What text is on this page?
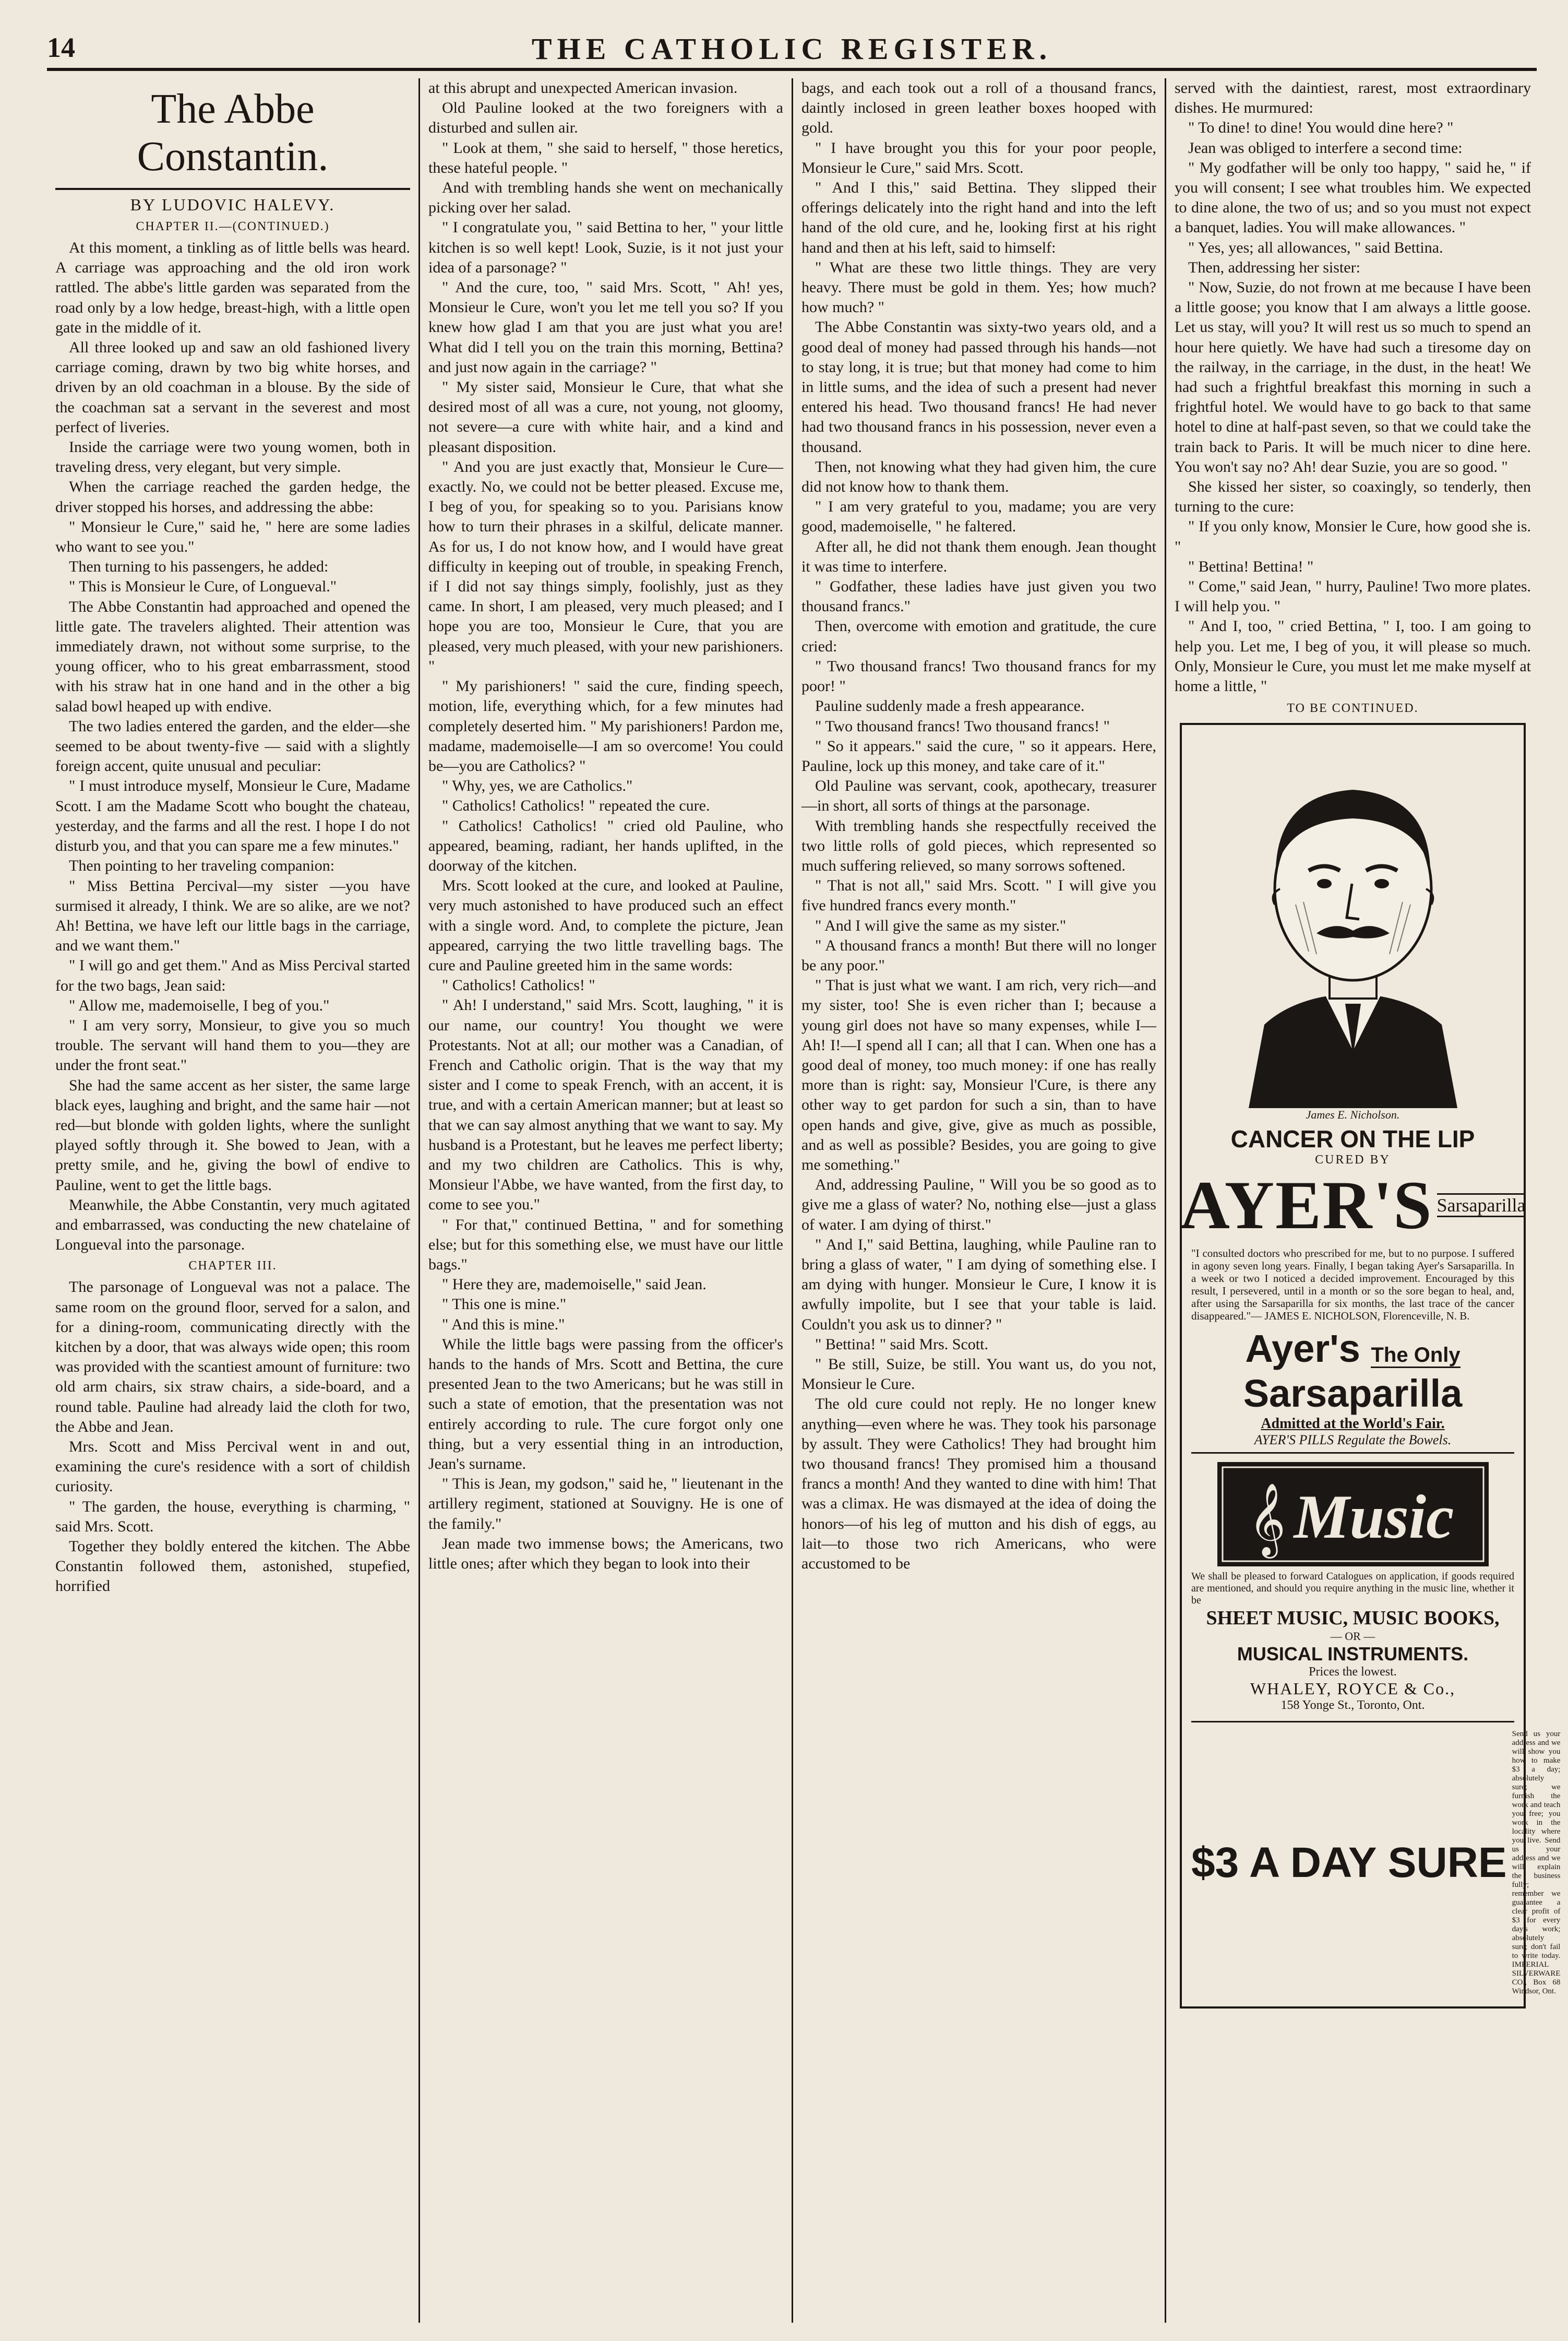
14	THE CATHOLIC REGISTER.
The Abbe Constantin.
BY LUDOVIC HALEVY.
CHAPTER II.—(CONTINUED.)

At this moment, a tinkling as of little bells was heard. A carriage was approaching and the old iron work rattled. The abbe's little garden was separated from the road only by a low hedge, breast-high, with a little open gate in the middle of it.

All three looked up and saw an old fashioned livery carriage coming, drawn by two big white horses, and driven by an old coachman in a blouse. By the side of the coachman sat a servant in the severest and most perfect of liveries.

Inside the carriage were two young women, both in traveling dress, very elegant, but very simple.

When the carriage reached the garden hedge, the driver stopped his horses, and addressing the abbe:

" Monsieur le Cure," said he, " here are some ladies who want to see you."

Then turning to his passengers, he added:

" This is Monsieur le Cure, of Longueval."

The Abbe Constantin had approached and opened the little gate. The travelers alighted. Their attention was immediately drawn, not without some surprise, to the young officer, who to his great embarrassment, stood with his straw hat in one hand and in the other a big salad bowl heaped up with endive.

The two ladies entered the garden, and the elder—she seemed to be about twenty-five — said with a slightly foreign accent, quite unusual and peculiar:

" I must introduce myself, Monsieur le Cure, Madame Scott. I am the Madame Scott who bought the chateau, yesterday, and the farms and all the rest. I hope I do not disturb you, and that you can spare me a few minutes."

Then pointing to her traveling companion:

" Miss Bettina Percival—my sister —you have surmised it already, I think. We are so alike, are we not? Ah! Bettina, we have left our little bags in the carriage, and we want them."

" I will go and get them." And as Miss Percival started for the two bags, Jean said:

" Allow me, mademoiselle, I beg of you."

" I am very sorry, Monsieur, to give you so much trouble. The servant will hand them to you—they are under the front seat."

She had the same accent as her sister, the same large black eyes, laughing and bright, and the same hair —not red—but blonde with golden lights, where the sunlight played softly through it. She bowed to Jean, with a pretty smile, and he, giving the bowl of endive to Pauline, went to get the little bags.

Meanwhile, the Abbe Constantin, very much agitated and embarrassed, was conducting the new chatelaine of Longueval into the parsonage.

CHAPTER III.

The parsonage of Longueval was not a palace. The same room on the ground floor, served for a salon, and for a dining-room, communicating directly with the kitchen by a door, that was always wide open; this room was provided with the scantiest amount of furniture: two old arm chairs, six straw chairs, a side-board, and a round table. Pauline had already laid the cloth for two, the Abbe and Jean.

Mrs. Scott and Miss Percival went in and out, examining the cure's residence with a sort of childish curiosity.

" The garden, the house, everything is charming, " said Mrs. Scott.

Together they boldly entered the kitchen. The Abbe Constantin followed them, astonished, stupefied, horrified

at this abrupt and unexpected American invasion.

Old Pauline looked at the two foreigners with a disturbed and sullen air.

" Look at them, " she said to herself, " those heretics, these hateful people. "

And with trembling hands she went on mechanically picking over her salad.

" I congratulate you, " said Bettina to her, " your little kitchen is so well kept! Look, Suzie, is it not just your idea of a parsonage? "

" And the cure, too, " said Mrs. Scott, " Ah! yes, Monsieur le Cure, won't you let me tell you so? If you knew how glad I am that you are just what you are! What did I tell you on the train this morning, Bettina? and just now again in the carriage? "

" My sister said, Monsieur le Cure, that what she desired most of all was a cure, not young, not gloomy, not severe—a cure with white hair, and a kind and pleasant disposition.

" And you are just exactly that, Monsieur le Cure—exactly. No, we could not be better pleased. Excuse me, I beg of you, for speaking so to you. Parisians know how to turn their phrases in a skilful, delicate manner. As for us, I do not know how, and I would have great difficulty in keeping out of trouble, in speaking French, if I did not say things simply, foolishly, just as they came. In short, I am pleased, very much pleased; and I hope you are too, Monsieur le Cure, that you are pleased, very much pleased, with your new parishioners. "

" My parishioners! " said the cure, finding speech, motion, life, everything which, for a few minutes had completely deserted him. " My parishioners! Pardon me, madame, mademoiselle—I am so overcome! You could be—you are Catholics? "

" Why, yes, we are Catholics."

" Catholics! Catholics! " repeated the cure.

" Catholics! Catholics! " cried old Pauline, who appeared, beaming, radiant, her hands uplifted, in the doorway of the kitchen.

Mrs. Scott looked at the cure, and looked at Pauline, very much astonished to have produced such an effect with a single word. And, to complete the picture, Jean appeared, carrying the two little travelling bags. The cure and Pauline greeted him in the same words:

" Catholics! Catholics! "

" Ah! I understand," said Mrs. Scott, laughing, " it is our name, our country! You thought we were Protestants. Not at all; our mother was a Canadian, of French and Catholic origin. That is the way that my sister and I come to speak French, with an accent, it is true, and with a certain American manner; but at least so that we can say almost anything that we want to say. My husband is a Protestant, but he leaves me perfect liberty; and my two children are Catholics. This is why, Monsieur l'Abbe, we have wanted, from the first day, to come to see you."

" For that," continued Bettina, " and for something else; but for this something else, we must have our little bags."

" Here they are, mademoiselle," said Jean.

" This one is mine."

" And this is mine."

While the little bags were passing from the officer's hands to the hands of Mrs. Scott and Bettina, the cure presented Jean to the two Americans; but he was still in such a state of emotion, that the presentation was not entirely according to rule. The cure forgot only one thing, but a very essential thing in an introduction, Jean's surname.

" This is Jean, my godson," said he, " lieutenant in the artillery regiment, stationed at Souvigny. He is one of the family."

Jean made two immense bows; the Americans, two little ones; after which they began to look into their

bags, and each took out a roll of a thousand francs, daintly inclosed in green leather boxes hooped with gold.

" I have brought you this for your poor people, Monsieur le Cure," said Mrs. Scott.

" And I this," said Bettina. They slipped their offerings delicately into the right hand and into the left hand of the old cure, and he, looking first at his right hand and then at his left, said to himself:

" What are these two little things. They are very heavy. There must be gold in them. Yes; how much? how much? "

The Abbe Constantin was sixty-two years old, and a good deal of money had passed through his hands—not to stay long, it is true; but that money had come to him in little sums, and the idea of such a present had never entered his head. Two thousand francs! He had never had two thousand francs in his possession, never even a thousand.

Then, not knowing what they had given him, the cure did not know how to thank them.

" I am very grateful to you, madame; you are very good, mademoiselle, " he faltered.

After all, he did not thank them enough. Jean thought it was time to interfere.

" Godfather, these ladies have just given you two thousand francs."

Then, overcome with emotion and gratitude, the cure cried:

" Two thousand francs! Two thousand francs for my poor! "

Pauline suddenly made a fresh appearance.

" Two thousand francs! Two thousand francs! "

" So it appears." said the cure, " so it appears. Here, Pauline, lock up this money, and take care of it."

Old Pauline was servant, cook, apothecary, treasurer—in short, all sorts of things at the parsonage.

With trembling hands she respectfully received the two little rolls of gold pieces, which represented so much suffering relieved, so many sorrows softened.

" That is not all," said Mrs. Scott. " I will give you five hundred francs every month."

" And I will give the same as my sister."

" A thousand francs a month! But there will no longer be any poor."

" That is just what we want. I am rich, very rich—and my sister, too! She is even richer than I; because a young girl does not have so many expenses, while I— Ah! I!—I spend all I can; all that I can. When one has a good deal of money, too much money: if one has really more than is right: say, Monsieur l'Cure, is there any other way to get pardon for such a sin, than to have open hands and give, give, give as much as possible, and as well as possible? Besides, you are going to give me something."

And, addressing Pauline, " Will you be so good as to give me a glass of water? No, nothing else—just a glass of water. I am dying of thirst."

" And I," said Bettina, laughing, while Pauline ran to bring a glass of water, " I am dying of something else. I am dying with hunger. Monsieur le Cure, I know it is awfully impolite, but I see that your table is laid. Couldn't you ask us to dinner? "

" Bettina! " said Mrs. Scott.

" Be still, Suize, be still. You want us, do you not, Monsieur le Cure.

The old cure could not reply. He no longer knew anything—even where he was. They took his parsonage by assult. They were Catholics! They had brought him two thousand francs! They promised him a thousand francs a month! And they wanted to dine with him! That was a climax. He was dismayed at the idea of doing the honors—of his leg of mutton and his dish of eggs, au lait—to those two rich Americans, who were accustomed to be

served with the daintiest, rarest, most extraordinary dishes. He murmured:

" To dine! to dine! You would dine here? "

Jean was obliged to interfere a second time:

" My godfather will be only too happy, " said he, " if you will consent; I see what troubles him. We expected to dine alone, the two of us; and so you must not expect a banquet, ladies. You will make allowances. "

" Yes, yes; all allowances, " said Bettina.

Then, addressing her sister:

" Now, Suzie, do not frown at me because I have been a little goose; you know that I am always a little goose. Let us stay, will you? It will rest us so much to spend an hour here quietly. We have had such a tiresome day on the railway, in the carriage, in the dust, in the heat! We had such a frightful breakfast this morning in such a frightful hotel. We would have to go back to that same hotel to dine at half-past seven, so that we could take the train back to Paris. It will be much nicer to dine here. You won't say no? Ah! dear Suzie, you are so good. "

She kissed her sister, so coaxingly, so tenderly, then turning to the cure:

" If you only know, Monsier le Cure, how good she is. "

" Bettina! Bettina! "

" Come," said Jean, " hurry, Pauline! Two more plates. I will help you. "

" And I, too, " cried Bettina, " I, too. I am going to help you. Let me, I beg of you, it will please so much. Only, Monsieur le Cure, you must let me make myself at home a little, "

TO BE CONTINUED.
James E. Nicholson.
CANCER ON THE LIP
CURED BY
AYER'S Sarsaparilla
"I consulted doctors who prescribed for me, but to no purpose. I suffered in agony seven long years. Finally, I began taking Ayer's Sarsaparilla. In a week or two I noticed a decided improvement. Encouraged by this result, I persevered, until in a month or so the sore began to heal, and, after using the Sarsaparilla for six months, the last trace of the cancer disappeared."— JAMES E. NICHOLSON, Florenceville, N. B.
Ayer's The Only Sarsaparilla
Admitted at the World's Fair.
AYER'S PILLS Regulate the Bowels.
𝄞 Music
We shall be pleased to forward Catalogues on application, if goods required are mentioned, and should you require anything in the music line, whether it be
SHEET MUSIC, MUSIC BOOKS,
— OR —
MUSICAL INSTRUMENTS.
Prices the lowest.
WHALEY, ROYCE & Co.,
158 Yonge St., Toronto, Ont.
$3 A DAY SURE
Send us your address and we will show you how to make $3 a day; absolutely sure; we furnish the work and teach you free; you work in the locality where you live. Send us your address and we will explain the business fully; remember we guarantee a clear profit of $3 for every day's work; absolutely sure; don't fail to write today. IMPERIAL SILVERWARE CO., Box 68 Windsor, Ont.
